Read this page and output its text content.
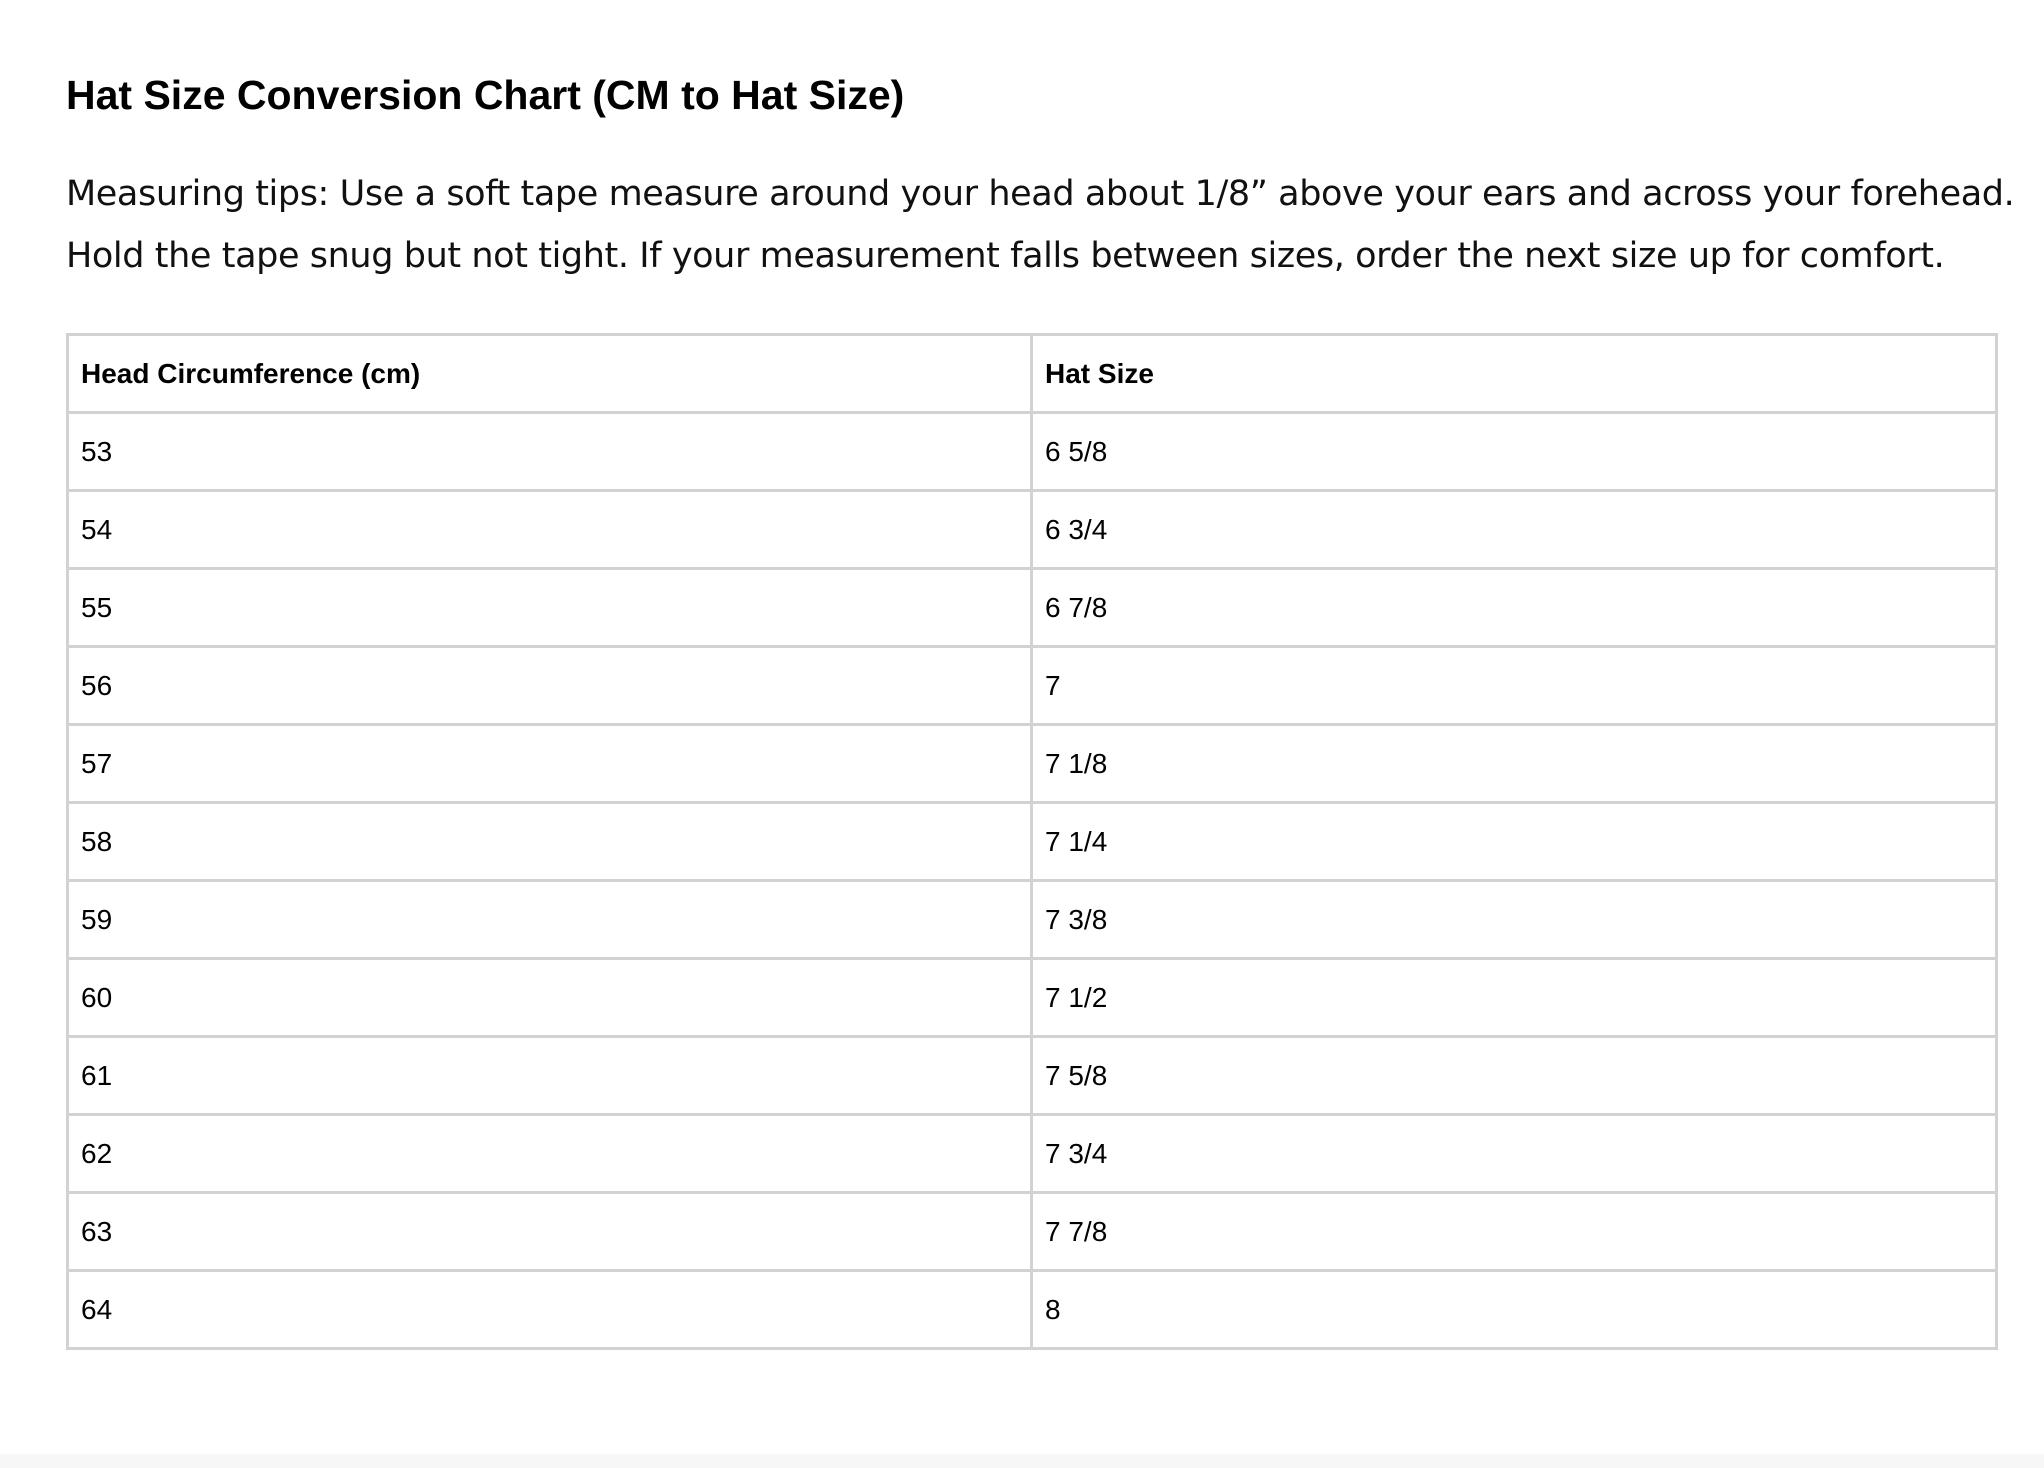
Hat Size Conversion Chart (CM to Hat Size)

Measuring tips: Use a soft tape measure around your head about 1/8” above your ears and across your forehead. Hold the tape snug but not tight. If your measurement falls between sizes, order the next size up for comfort.

Head Circumference (cm)	Hat Size
53	6 5/8
54	6 3/4
55	6 7/8
56	7
57	7 1/8
58	7 1/4
59	7 3/8
60	7 1/2
61	7 5/8
62	7 3/4
63	7 7/8
64	8
